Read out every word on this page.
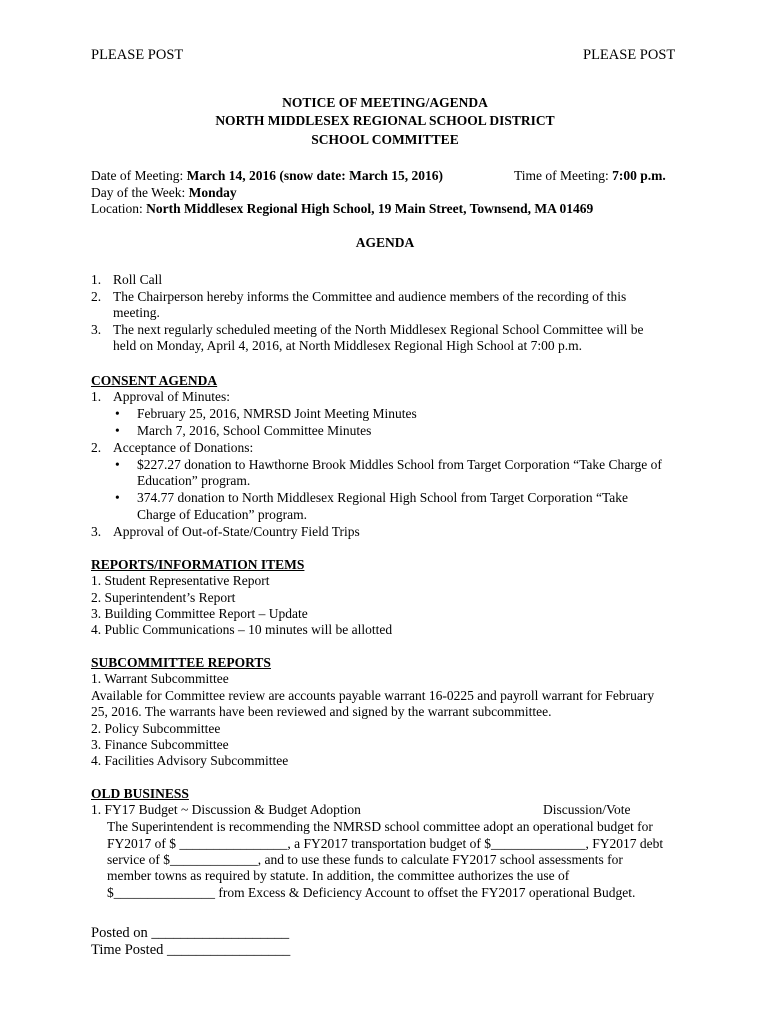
PLEASE POST	PLEASE POST
NOTICE OF MEETING/AGENDA
NORTH MIDDLESEX REGIONAL SCHOOL DISTRICT
SCHOOL COMMITTEE
Date of Meeting: March 14, 2016 (snow date: March 15, 2016)	Time of Meeting: 7:00 p.m.
Day of the Week: Monday
Location: North Middlesex Regional High School, 19 Main Street, Townsend, MA 01469
AGENDA
1. Roll Call
2. The Chairperson hereby informs the Committee and audience members of the recording of this
meeting.
3. The next regularly scheduled meeting of the North Middlesex Regional School Committee will be
held on Monday, April 4, 2016, at North Middlesex Regional High School at 7:00 p.m.
CONSENT AGENDA
1. Approval of Minutes:
• February 25, 2016, NMRSD Joint Meeting Minutes
• March 7, 2016, School Committee Minutes
2. Acceptance of Donations:
• $227.27 donation to Hawthorne Brook Middles School from Target Corporation “Take Charge of
Education” program.
• 374.77 donation to North Middlesex Regional High School from Target Corporation “Take
Charge of Education” program.
3. Approval of Out-of-State/Country Field Trips
REPORTS/INFORMATION ITEMS
1. Student Representative Report
2. Superintendent’s Report
3. Building Committee Report – Update
4. Public Communications – 10 minutes will be allotted
SUBCOMMITTEE REPORTS
1. Warrant Subcommittee
Available for Committee review are accounts payable warrant 16-0225 and payroll warrant for February
25, 2016. The warrants have been reviewed and signed by the warrant subcommittee.
2. Policy Subcommittee
3. Finance Subcommittee
4. Facilities Advisory Subcommittee
OLD BUSINESS
1. FY17 Budget ~ Discussion & Budget Adoption	Discussion/Vote
The Superintendent is recommending the NMRSD school committee adopt an operational budget for
FY2017 of $ ________________, a FY2017 transportation budget of $______________, FY2017 debt
service of $_____________, and to use these funds to calculate FY2017 school assessments for
member towns as required by statute. In addition, the committee authorizes the use of
$_______________ from Excess & Deficiency Account to offset the FY2017 operational Budget.
Posted on ___________________
Time Posted _________________
